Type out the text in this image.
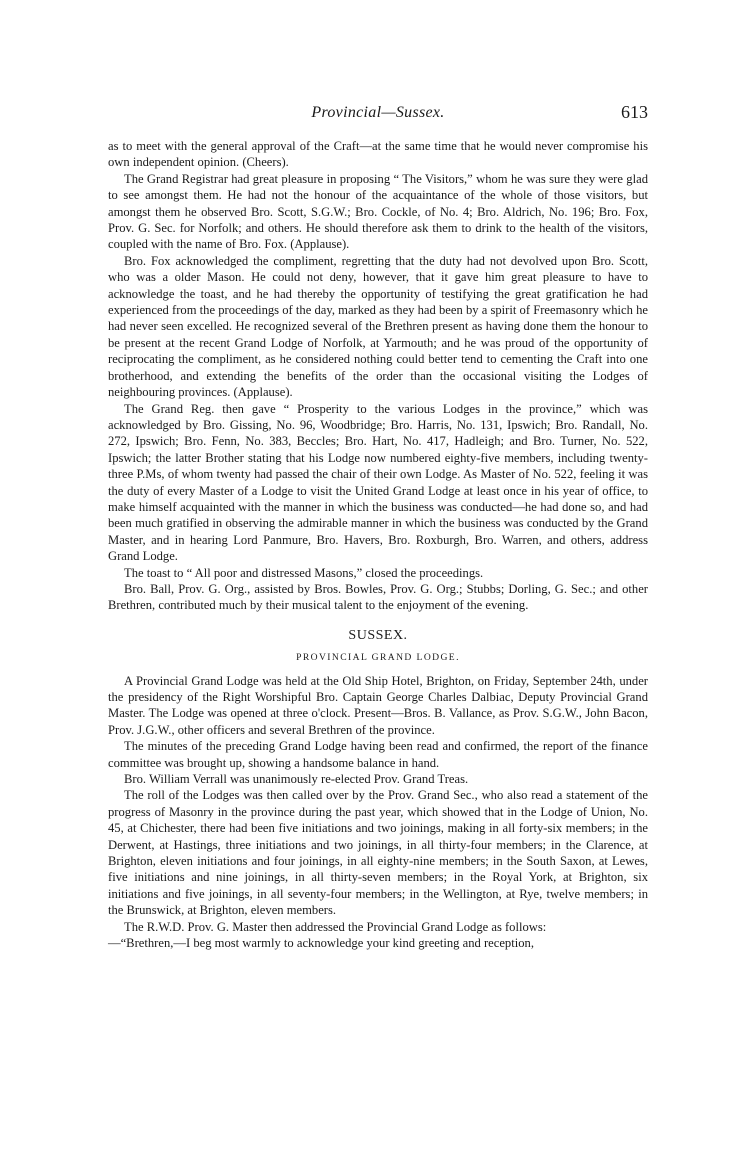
Provincial—Sussex.	613

as to meet with the general approval of the Craft—at the same time that he would never compromise his own independent opinion. (Cheers).

The Grand Registrar had great pleasure in proposing “ The Visitors,” whom he was sure they were glad to see amongst them. He had not the honour of the acquaintance of the whole of those visitors, but amongst them he observed Bro. Scott, S.G.W.; Bro. Cockle, of No. 4; Bro. Aldrich, No. 196; Bro. Fox, Prov. G. Sec. for Norfolk; and others. He should therefore ask them to drink to the health of the visitors, coupled with the name of Bro. Fox. (Applause).

Bro. Fox acknowledged the compliment, regretting that the duty had not devolved upon Bro. Scott, who was a older Mason. He could not deny, however, that it gave him great pleasure to have to acknowledge the toast, and he had thereby the opportunity of testifying the great gratification he had experienced from the proceedings of the day, marked as they had been by a spirit of Freemasonry which he had never seen excelled. He recognized several of the Brethren present as having done them the honour to be present at the recent Grand Lodge of Norfolk, at Yarmouth; and he was proud of the opportunity of reciprocating the compliment, as he considered nothing could better tend to cementing the Craft into one brotherhood, and extending the benefits of the order than the occasional visiting the Lodges of neighbouring provinces. (Applause).

The Grand Reg. then gave “ Prosperity to the various Lodges in the province,” which was acknowledged by Bro. Gissing, No. 96, Woodbridge; Bro. Harris, No. 131, Ipswich; Bro. Randall, No. 272, Ipswich; Bro. Fenn, No. 383, Beccles; Bro. Hart, No. 417, Hadleigh; and Bro. Turner, No. 522, Ipswich; the latter Brother stating that his Lodge now numbered eighty-five members, including twenty-three P.Ms, of whom twenty had passed the chair of their own Lodge. As Master of No. 522, feeling it was the duty of every Master of a Lodge to visit the United Grand Lodge at least once in his year of office, to make himself acquainted with the manner in which the business was conducted—he had done so, and had been much gratified in observing the admirable manner in which the business was conducted by the Grand Master, and in hearing Lord Panmure, Bro. Havers, Bro. Roxburgh, Bro. Warren, and others, address Grand Lodge.

The toast to “ All poor and distressed Masons,” closed the proceedings.

Bro. Ball, Prov. G. Org., assisted by Bros. Bowles, Prov. G. Org.; Stubbs; Dorling, G. Sec.; and other Brethren, contributed much by their musical talent to the enjoyment of the evening.

SUSSEX.
PROVINCIAL GRAND LODGE.

A Provincial Grand Lodge was held at the Old Ship Hotel, Brighton, on Friday, September 24th, under the presidency of the Right Worshipful Bro. Captain George Charles Dalbiac, Deputy Provincial Grand Master. The Lodge was opened at three o'clock. Present—Bros. B. Vallance, as Prov. S.G.W., John Bacon, Prov. J.G.W., other officers and several Brethren of the province.

The minutes of the preceding Grand Lodge having been read and confirmed, the report of the finance committee was brought up, showing a handsome balance in hand.

Bro. William Verrall was unanimously re-elected Prov. Grand Treas.

The roll of the Lodges was then called over by the Prov. Grand Sec., who also read a statement of the progress of Masonry in the province during the past year, which showed that in the Lodge of Union, No. 45, at Chichester, there had been five initiations and two joinings, making in all forty-six members; in the Derwent, at Hastings, three initiations and two joinings, in all thirty-four members; in the Clarence, at Brighton, eleven initiations and four joinings, in all eighty-nine members; in the South Saxon, at Lewes, five initiations and nine joinings, in all thirty-seven members; in the Royal York, at Brighton, six initiations and five joinings, in all seventy-four members; in the Wellington, at Rye, twelve members; in the Brunswick, at Brighton, eleven members.

The R.W.D. Prov. G. Master then addressed the Provincial Grand Lodge as follows:

—“Brethren,—I beg most warmly to acknowledge your kind greeting and reception,
